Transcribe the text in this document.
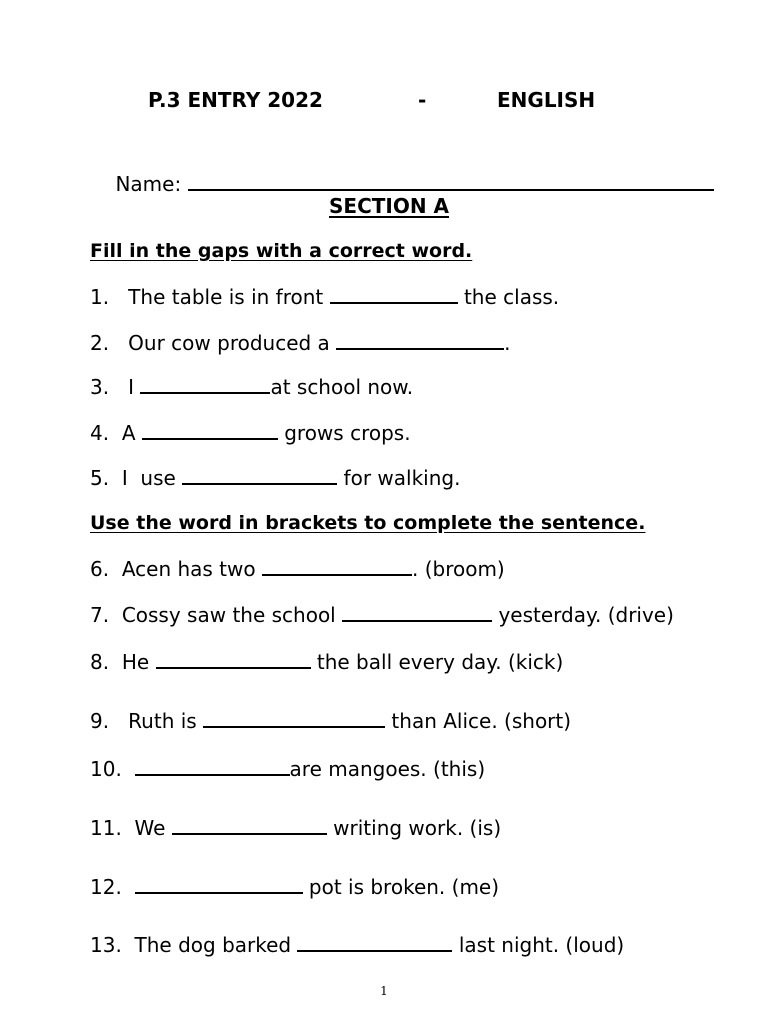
P.3 ENTRY 2022	-	ENGLISH

Name:

SECTION A
Fill in the gaps with a correct word.
1. The table is in front	the class.
2. Our cow produced a	.
3. I	at school now.
4. A	grows crops.
5. I  use	for walking.
Use the word in brackets to complete the sentence.
6. Acen has two	. (broom)
7. Cossy saw the school	yesterday. (drive)
8. He	the ball every day. (kick)
9. Ruth is	than Alice. (short)
10.	are mangoes. (this)
11. We	writing work. (is)
12.	pot is broken. (me)
13. The dog barked	last night. (loud)
1
